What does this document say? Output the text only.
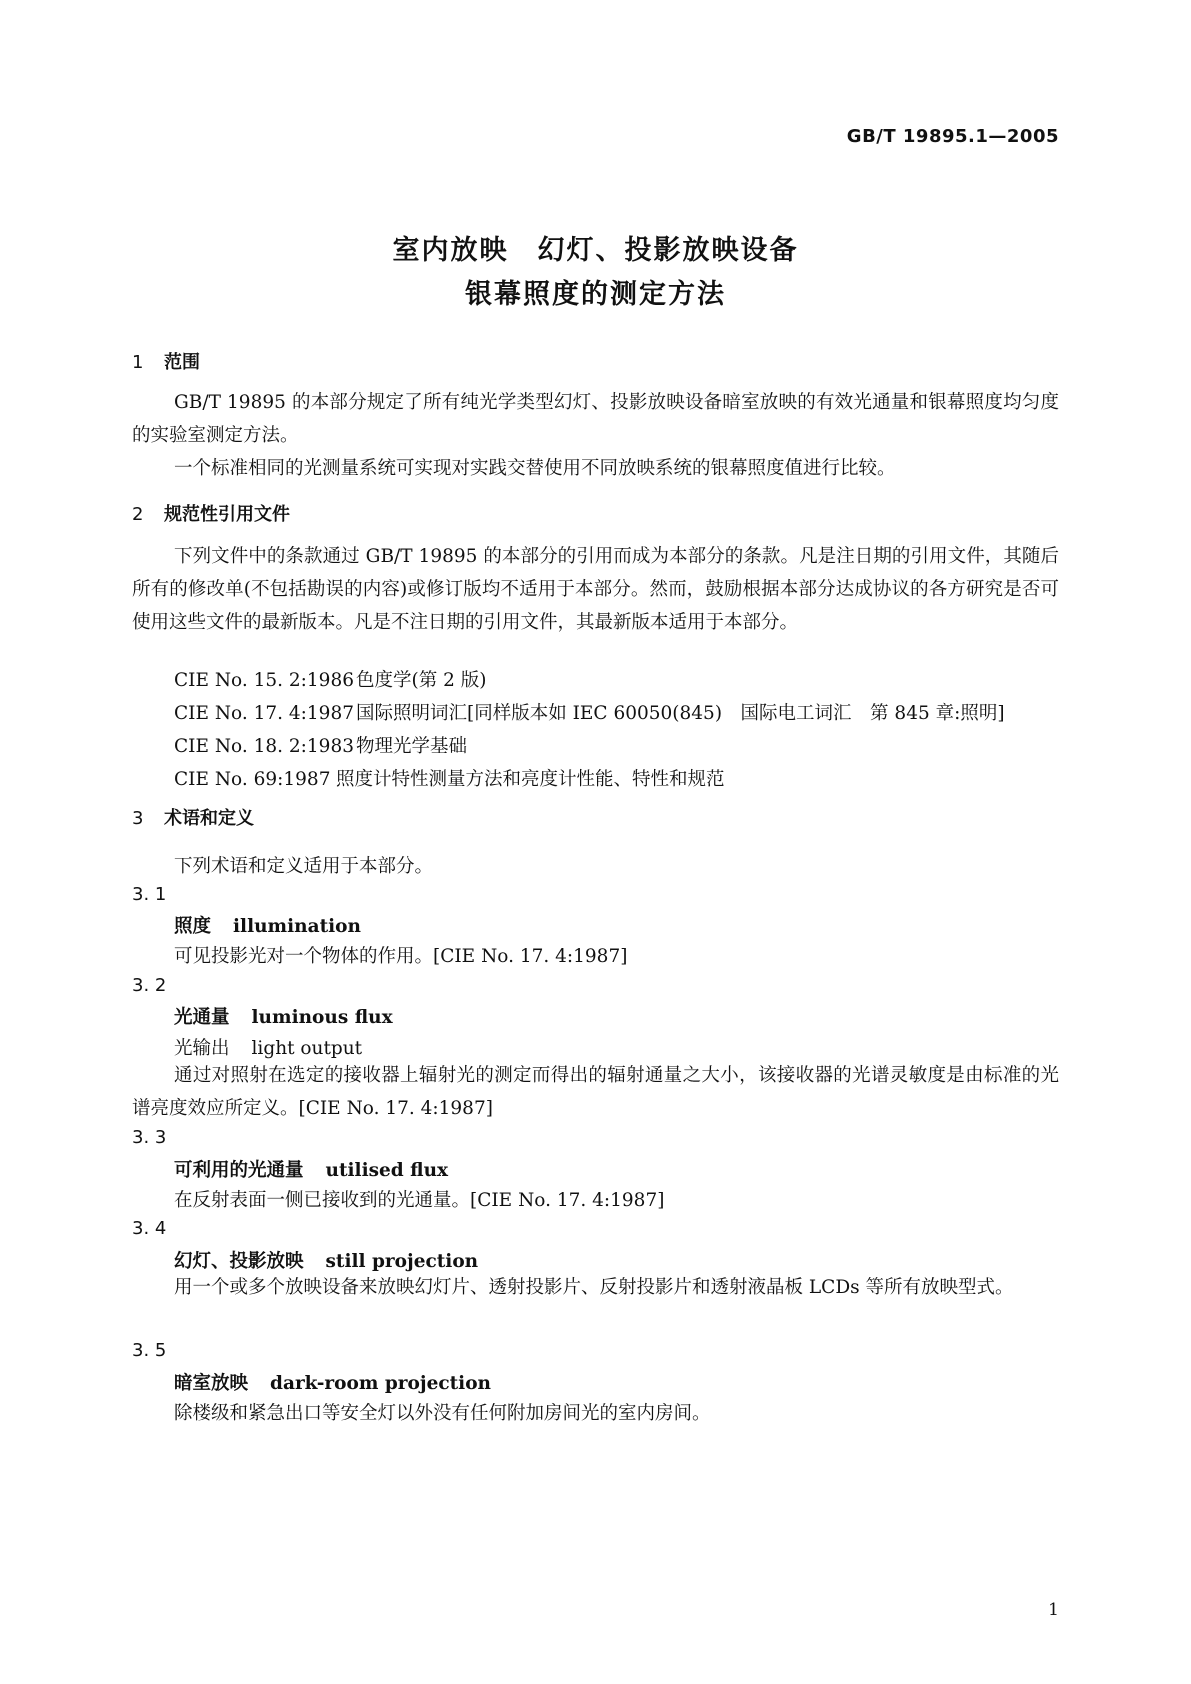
GB/T 19895.1—2005
室内放映　幻灯、投影放映设备
银幕照度的测定方法
1 范围

GB/T 19895 的本部分规定了所有纯光学类型幻灯、投影放映设备暗室放映的有效光通量和银幕照度均匀度的实验室测定方法。

一个标准相同的光测量系统可实现对实践交替使用不同放映系统的银幕照度值进行比较。

2 规范性引用文件

下列文件中的条款通过 GB/T 19895 的本部分的引用而成为本部分的条款。凡是注日期的引用文件，其随后所有的修改单(不包括勘误的内容)或修订版均不适用于本部分。然而，鼓励根据本部分达成协议的各方研究是否可使用这些文件的最新版本。凡是不注日期的引用文件，其最新版本适用于本部分。

CIE No. 15. 2:1986 色度学(第 2 版)
CIE No. 17. 4:1987 国际照明词汇[同样版本如 IEC 60050(845)　国际电工词汇　第 845 章:照明]
CIE No. 18. 2:1983 物理光学基础
CIE No. 69:1987 照度计特性测量方法和亮度计性能、特性和规范
3 术语和定义
下列术语和定义适用于本部分。
3. 1
照度 illumination
可见投影光对一个物体的作用。[CIE No. 17. 4:1987]
3. 2
光通量 luminous flux
光输出 light output

通过对照射在选定的接收器上辐射光的测定而得出的辐射通量之大小，该接收器的光谱灵敏度是由标准的光谱亮度效应所定义。[CIE No. 17. 4:1987]

3. 3
可利用的光通量 utilised flux
在反射表面一侧已接收到的光通量。[CIE No. 17. 4:1987]
3. 4
幻灯、投影放映 still projection

用一个或多个放映设备来放映幻灯片、透射投影片、反射投影片和透射液晶板 LCDs 等所有放映型式。

3. 5
暗室放映 dark-room projection
除楼级和紧急出口等安全灯以外没有任何附加房间光的室内房间。
1
